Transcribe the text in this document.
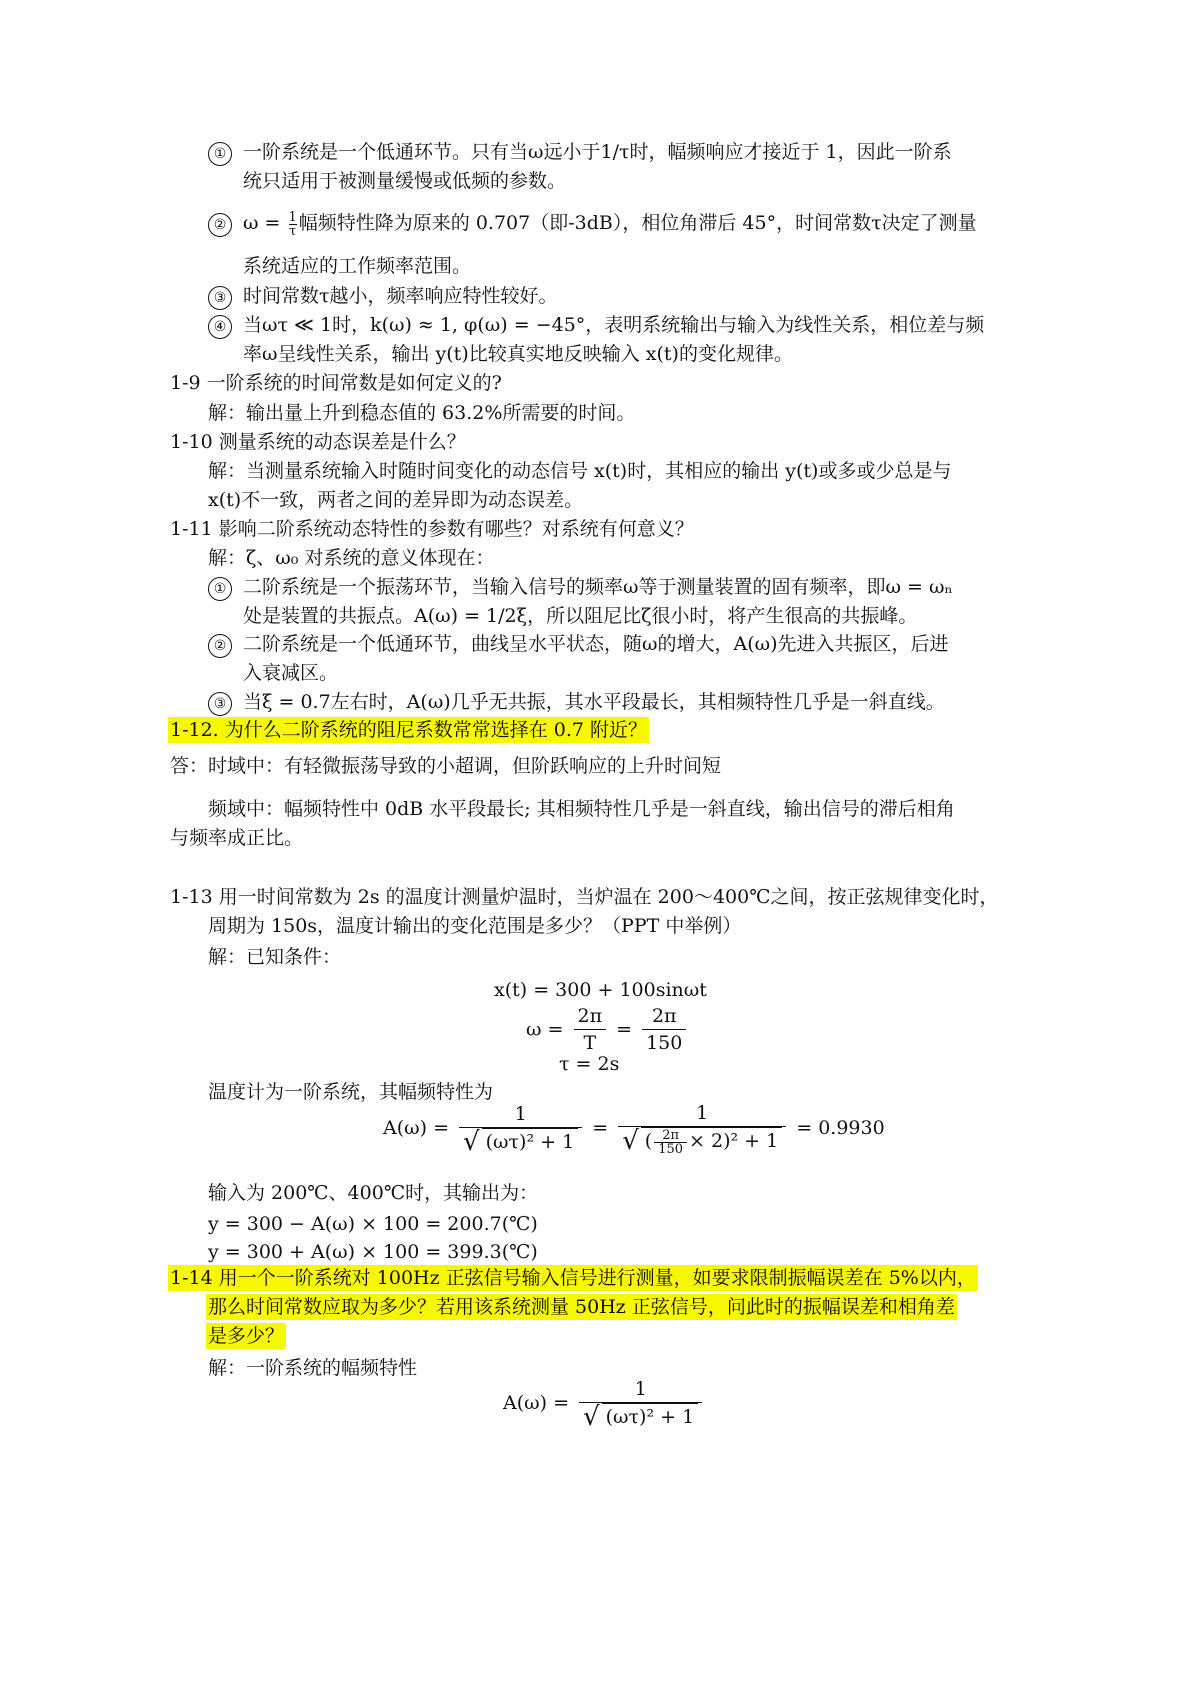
① 一阶系统是一个低通环节。只有当ω远小于1/τ时，幅频响应才接近于 1，因此一阶系
统只适用于被测量缓慢或低频的参数。
② $\omega = \frac{1}{\tau}$ 幅频特性降为原来的 0.707（即-3dB），相位角滞后 45°，时间常数τ决定了测量
系统适应的工作频率范围。
③ 时间常数τ越小，频率响应特性较好。
④ 当ωτ ≪ 1时，k(ω) ≈ 1, φ(ω) = −45°，表明系统输出与输入为线性关系，相位差与频
率ω呈线性关系，输出 y(t)比较真实地反映输入 x(t)的变化规律。
1-9 一阶系统的时间常数是如何定义的?
解：输出量上升到稳态值的 63.2%所需要的时间。
1-10 测量系统的动态误差是什么？
解：当测量系统输入时随时间变化的动态信号 x(t)时，其相应的输出 y(t)或多或少总是与
x(t)不一致，两者之间的差异即为动态误差。
1-11 影响二阶系统动态特性的参数有哪些？对系统有何意义？
解：ζ、ω₀ 对系统的意义体现在：
① 二阶系统是一个振荡环节，当输入信号的频率ω等于测量装置的固有频率，即ω = ωₙ
处是装置的共振点。A(ω) = 1/2ξ，所以阻尼比ζ很小时，将产生很高的共振峰。
② 二阶系统是一个低通环节，曲线呈水平状态，随ω的增大，A(ω)先进入共振区，后进
入衰减区。
③ 当ξ = 0.7左右时，A(ω)几乎无共振，其水平段最长，其相频特性几乎是一斜直线。
1-12. 为什么二阶系统的阻尼系数常常选择在 0.7 附近？
答：时域中：有轻微振荡导致的小超调，但阶跃响应的上升时间短
频域中：幅频特性中 0dB 水平段最长; 其相频特性几乎是一斜直线，输出信号的滞后相角
与频率成正比。
1-13 用一时间常数为 2s 的温度计测量炉温时，当炉温在 200～400℃之间，按正弦规律变化时，
周期为 150s，温度计输出的变化范围是多少？（PPT 中举例）
解：已知条件：
x(t) = 300 + 100sinωt
$\omega = \frac{2\pi}{T} = \frac{2\pi}{150}$
τ = 2s
温度计为一阶系统，其幅频特性为
$A(\omega) = \frac{1}{\text{√ (ωτ)² + 1}} = \frac{1}{√ ( \frac{2\pi}{150} \times 2)^2 + 1} = 0.9930$
输入为 200℃、400℃时，其输出为：
y = 300 − A(ω) × 100 = 200.7(℃)
y = 300 + A(ω) × 100 = 399.3(℃)
1-14 用一个一阶系统对 100Hz 正弦信号输入信号进行测量，如要求限制振幅误差在 5%以内，
那么时间常数应取为多少？若用该系统测量 50Hz 正弦信号，问此时的振幅误差和相角差
是多少？
解：一阶系统的幅频特性
$A(\omega) = \frac{1}{\text{√ (ωτ)² + 1}}$
